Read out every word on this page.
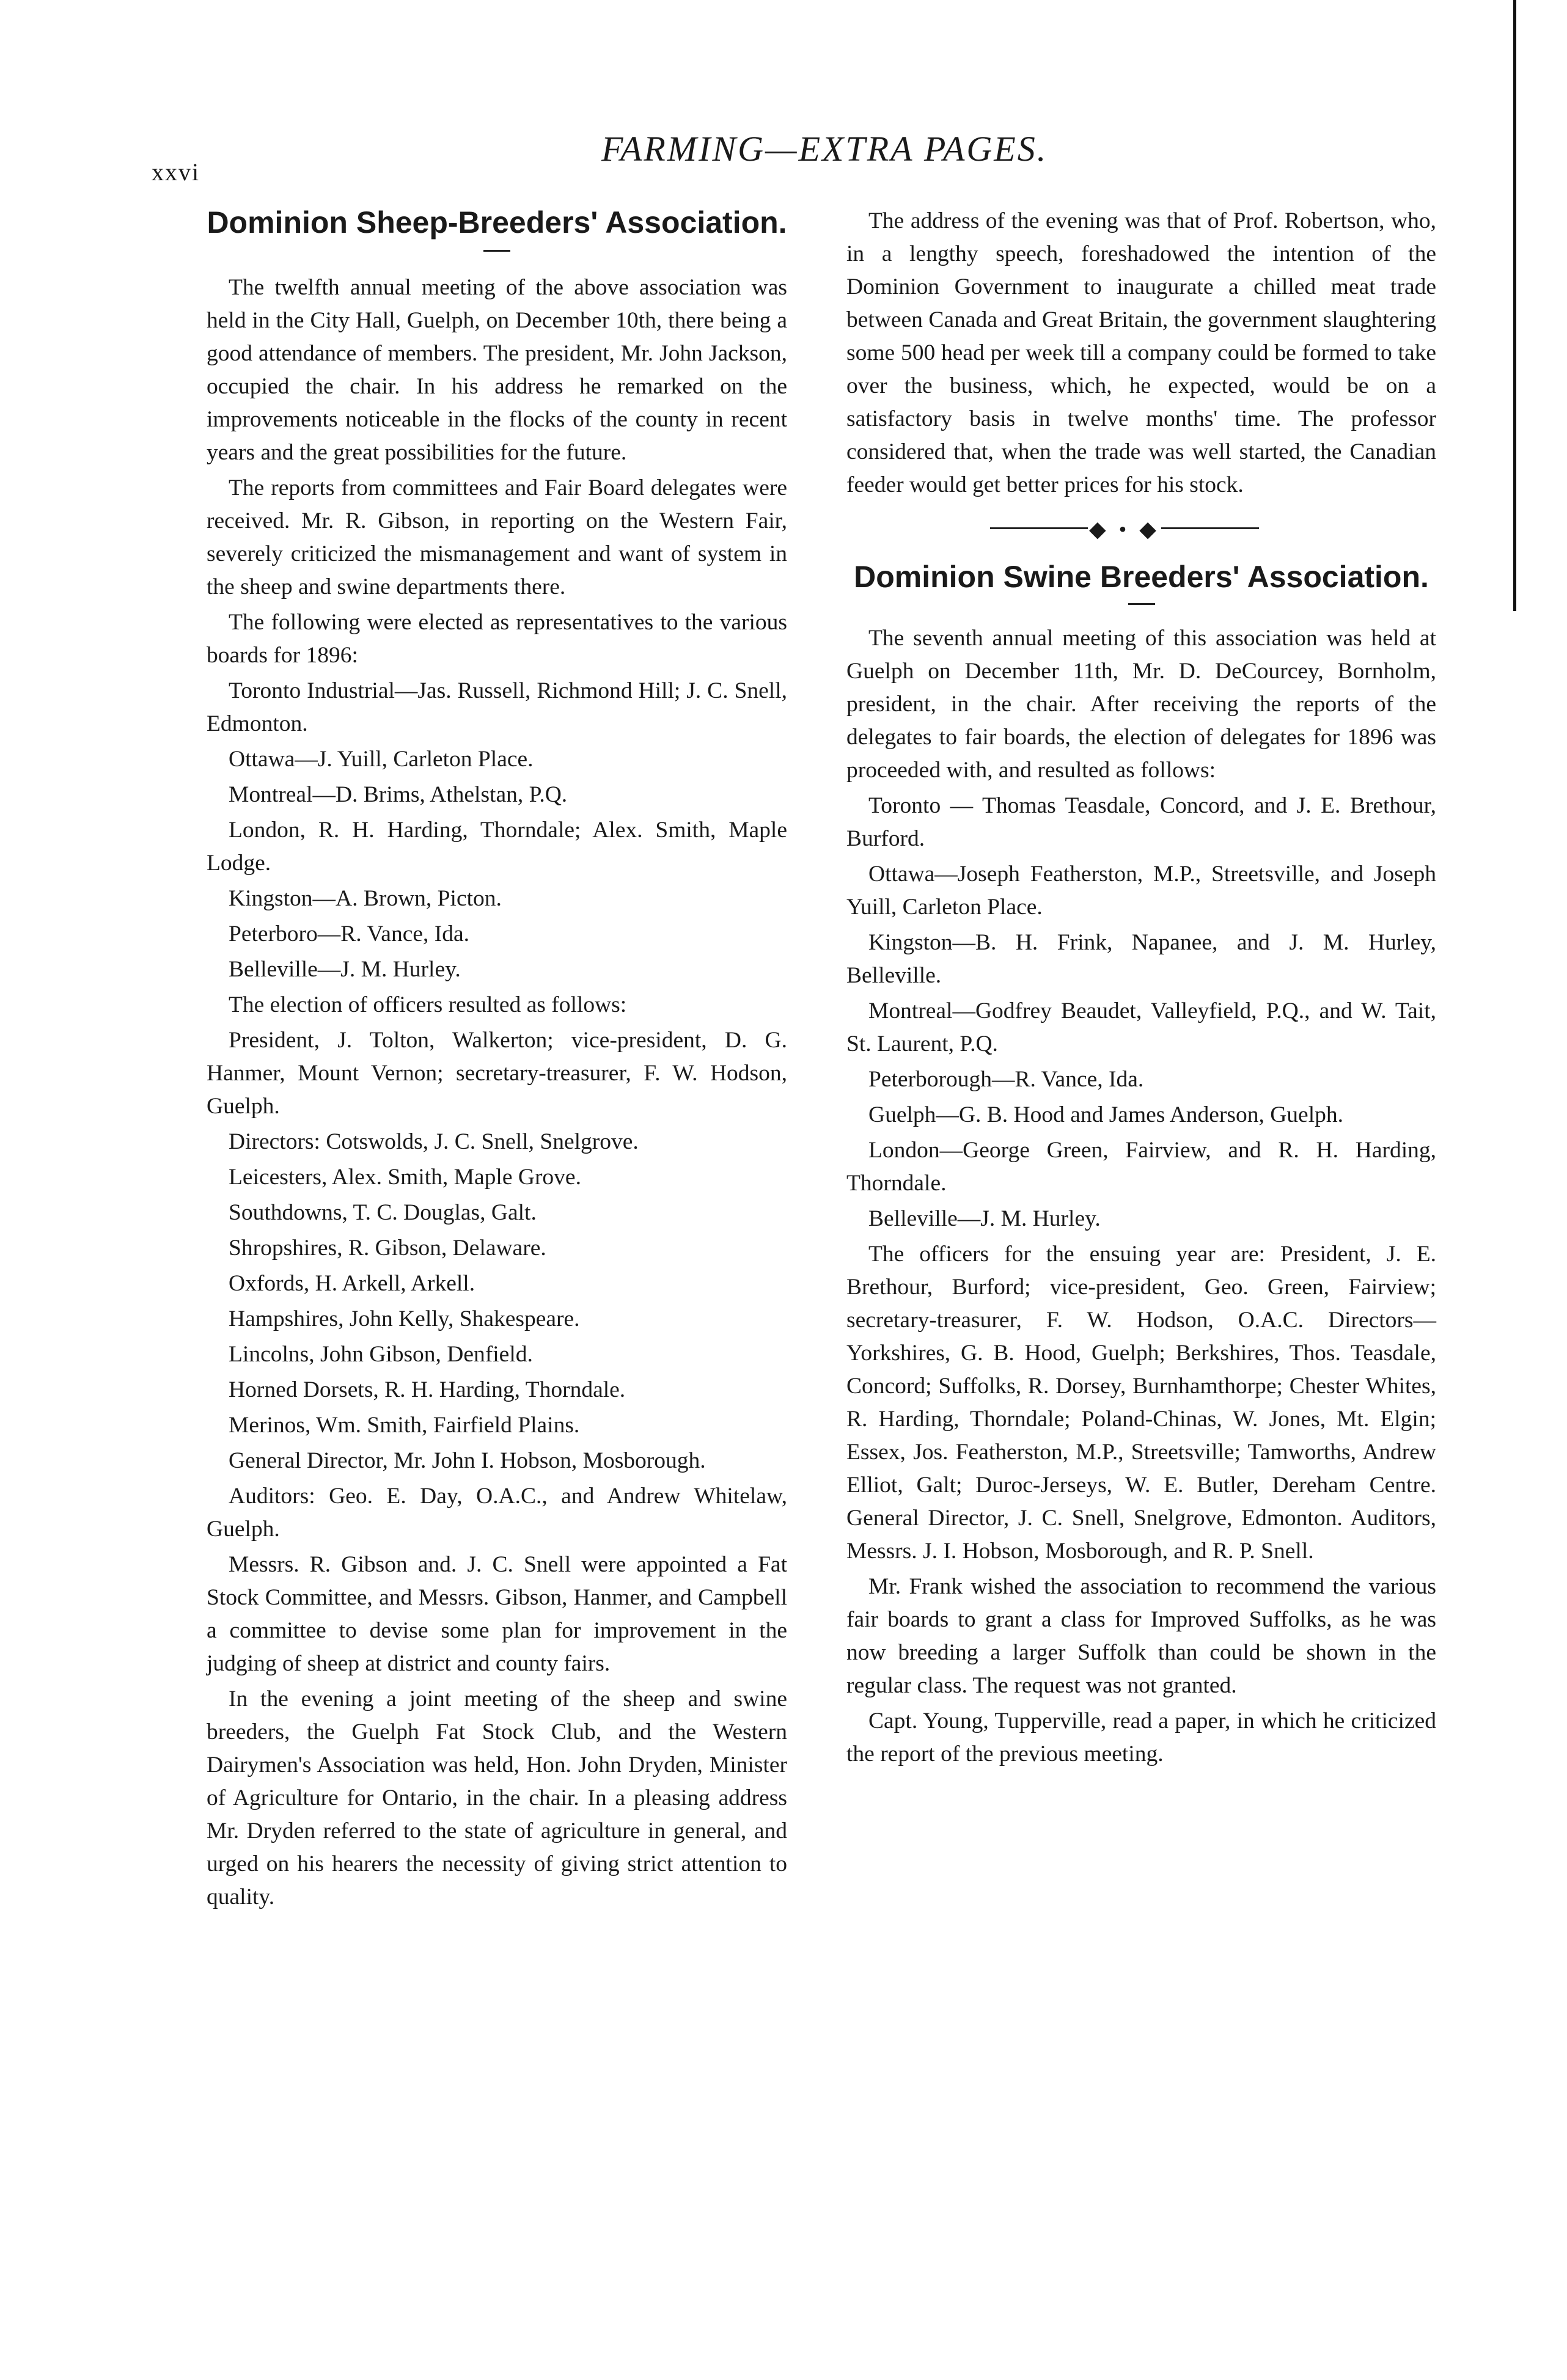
xxvi
FARMING—EXTRA PAGES.
Dominion Sheep-Breeders' Association.

The twelfth annual meeting of the above association was held in the City Hall, Guelph, on December 10th, there being a good attendance of members. The president, Mr. John Jackson, occupied the chair. In his address he remarked on the improvements noticeable in the flocks of the county in recent years and the great possibilities for the future.

The reports from committees and Fair Board delegates were received. Mr. R. Gibson, in reporting on the Western Fair, severely criticized the mismanagement and want of system in the sheep and swine departments there.

The following were elected as representatives to the various boards for 1896:

Toronto Industrial—Jas. Russell, Richmond Hill; J. C. Snell, Edmonton.

Ottawa—J. Yuill, Carleton Place.

Montreal—D. Brims, Athelstan, P.Q.

London, R. H. Harding, Thorndale; Alex. Smith, Maple Lodge.

Kingston—A. Brown, Picton.

Peterboro—R. Vance, Ida.

Belleville—J. M. Hurley.

The election of officers resulted as follows:

President, J. Tolton, Walkerton; vice-president, D. G. Hanmer, Mount Vernon; secretary-treasurer, F. W. Hodson, Guelph.

Directors: Cotswolds, J. C. Snell, Snelgrove.

Leicesters, Alex. Smith, Maple Grove.

Southdowns, T. C. Douglas, Galt.

Shropshires, R. Gibson, Delaware.

Oxfords, H. Arkell, Arkell.

Hampshires, John Kelly, Shakespeare.

Lincolns, John Gibson, Denfield.

Horned Dorsets, R. H. Harding, Thorndale.

Merinos, Wm. Smith, Fairfield Plains.

General Director, Mr. John I. Hobson, Mosborough.

Auditors: Geo. E. Day, O.A.C., and Andrew Whitelaw, Guelph.

Messrs. R. Gibson and. J. C. Snell were appointed a Fat Stock Committee, and Messrs. Gibson, Hanmer, and Campbell a committee to devise some plan for improvement in the judging of sheep at district and county fairs.

In the evening a joint meeting of the sheep and swine breeders, the Guelph Fat Stock Club, and the Western Dairymen's Association was held, Hon. John Dryden, Minister of Agriculture for Ontario, in the chair. In a pleasing address Mr. Dryden referred to the state of agriculture in general, and urged on his hearers the necessity of giving strict attention to quality.

The address of the evening was that of Prof. Robertson, who, in a lengthy speech, foreshadowed the intention of the Dominion Government to inaugurate a chilled meat trade between Canada and Great Britain, the government slaughtering some 500 head per week till a company could be formed to take over the business, which, he expected, would be on a satisfactory basis in twelve months' time. The professor considered that, when the trade was well started, the Canadian feeder would get better prices for his stock.

◆ • ◆
Dominion Swine Breeders' Association.

The seventh annual meeting of this association was held at Guelph on December 11th, Mr. D. DeCourcey, Bornholm, president, in the chair. After receiving the reports of the delegates to fair boards, the election of delegates for 1896 was proceeded with, and resulted as follows:

Toronto — Thomas Teasdale, Concord, and J. E. Brethour, Burford.

Ottawa—Joseph Featherston, M.P., Streetsville, and Joseph Yuill, Carleton Place.

Kingston—B. H. Frink, Napanee, and J. M. Hurley, Belleville.

Montreal—Godfrey Beaudet, Valleyfield, P.Q., and W. Tait, St. Laurent, P.Q.

Peterborough—R. Vance, Ida.

Guelph—G. B. Hood and James Anderson, Guelph.

London—George Green, Fairview, and R. H. Harding, Thorndale.

Belleville—J. M. Hurley.

The officers for the ensuing year are: President, J. E. Brethour, Burford; vice-president, Geo. Green, Fairview; secretary-treasurer, F. W. Hodson, O.A.C. Directors—Yorkshires, G. B. Hood, Guelph; Berkshires, Thos. Teasdale, Concord; Suffolks, R. Dorsey, Burnhamthorpe; Chester Whites, R. Harding, Thorndale; Poland-Chinas, W. Jones, Mt. Elgin; Essex, Jos. Featherston, M.P., Streetsville; Tamworths, Andrew Elliot, Galt; Duroc-Jerseys, W. E. Butler, Dereham Centre. General Director, J. C. Snell, Snelgrove, Edmonton. Auditors, Messrs. J. I. Hobson, Mosborough, and R. P. Snell.

Mr. Frank wished the association to recommend the various fair boards to grant a class for Improved Suffolks, as he was now breeding a larger Suffolk than could be shown in the regular class. The request was not granted.

Capt. Young, Tupperville, read a paper, in which he criticized the report of the previous meeting.
